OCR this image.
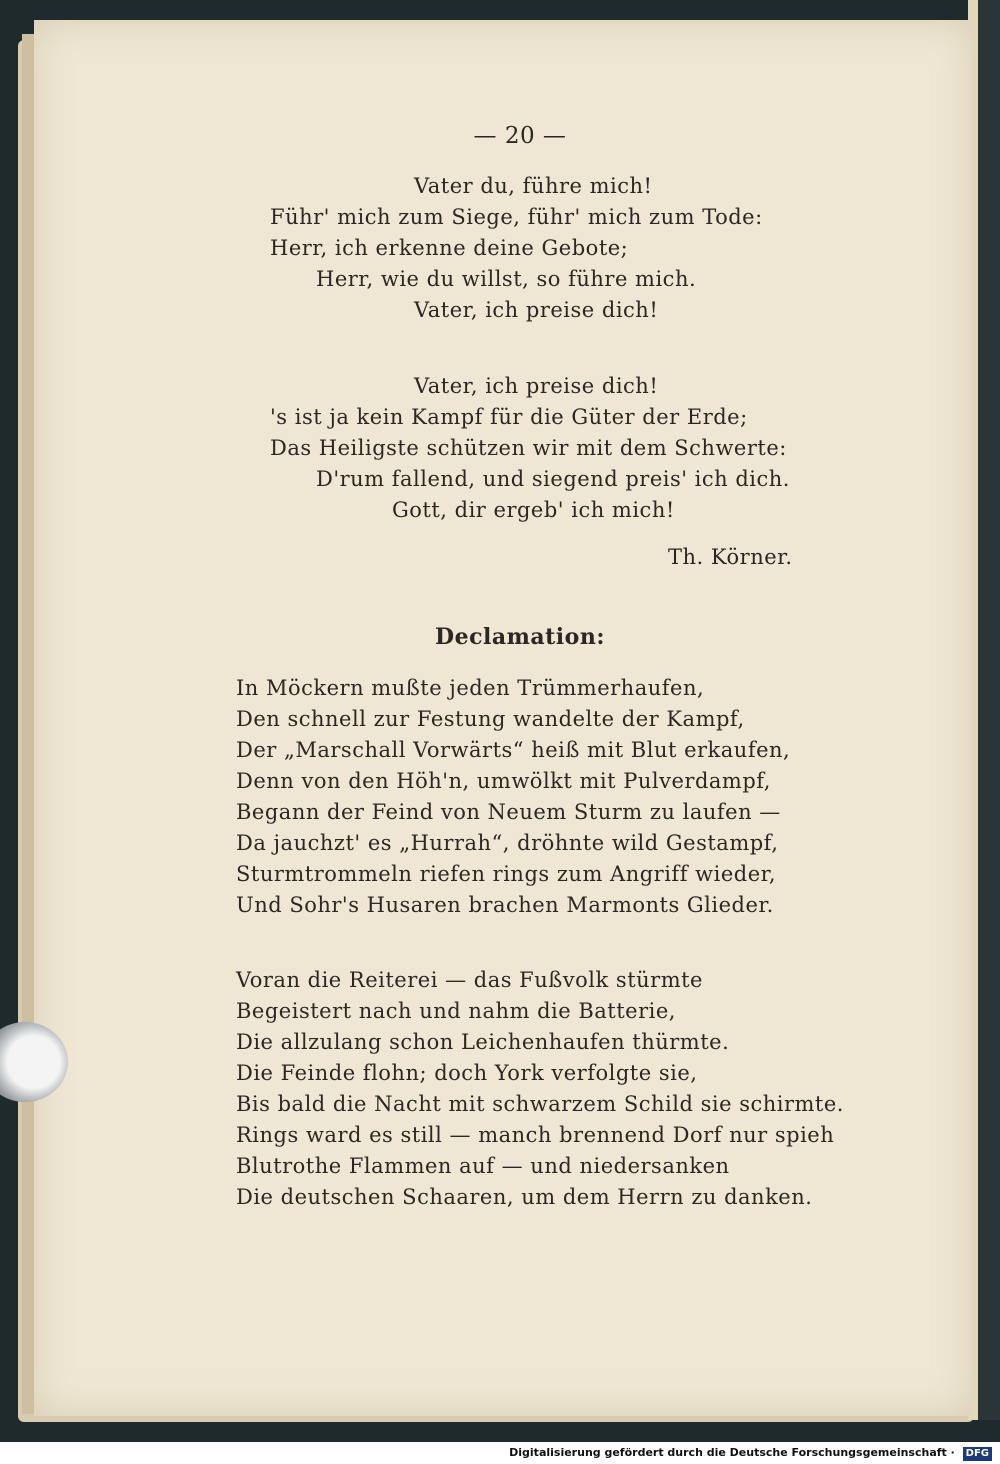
— 20 —
Vater du, führe mich!
Führ' mich zum Siege, führ' mich zum Tode:
Herr, ich erkenne deine Gebote;
Herr, wie du willst, so führe mich.
Vater, ich preise dich!
Vater, ich preise dich!
's ist ja kein Kampf für die Güter der Erde;
Das Heiligste schützen wir mit dem Schwerte:
D'rum fallend, und siegend preis' ich dich.
Gott, dir ergeb' ich mich!
Th. Körner.
Declamation:
In Möckern mußte jeden Trümmerhaufen,
Den schnell zur Festung wandelte der Kampf,
Der „Marschall Vorwärts“ heiß mit Blut erkaufen,
Denn von den Höh'n, umwölkt mit Pulverdampf,
Begann der Feind von Neuem Sturm zu laufen —
Da jauchzt' es „Hurrah“, dröhnte wild Gestampf,
Sturmtrommeln riefen rings zum Angriff wieder,
Und Sohr's Husaren brachen Marmonts Glieder.
Voran die Reiterei — das Fußvolk stürmte
Begeistert nach und nahm die Batterie,
Die allzulang schon Leichenhaufen thürmte.
Die Feinde flohn; doch York verfolgte sie,
Bis bald die Nacht mit schwarzem Schild sie schirmte.
Rings ward es still — manch brennend Dorf nur spieh
Blutrothe Flammen auf — und niedersanken
Die deutschen Schaaren, um dem Herrn zu danken.
Digitalisierung gefördert durch die Deutsche Forschungsgemeinschaft · DFG
